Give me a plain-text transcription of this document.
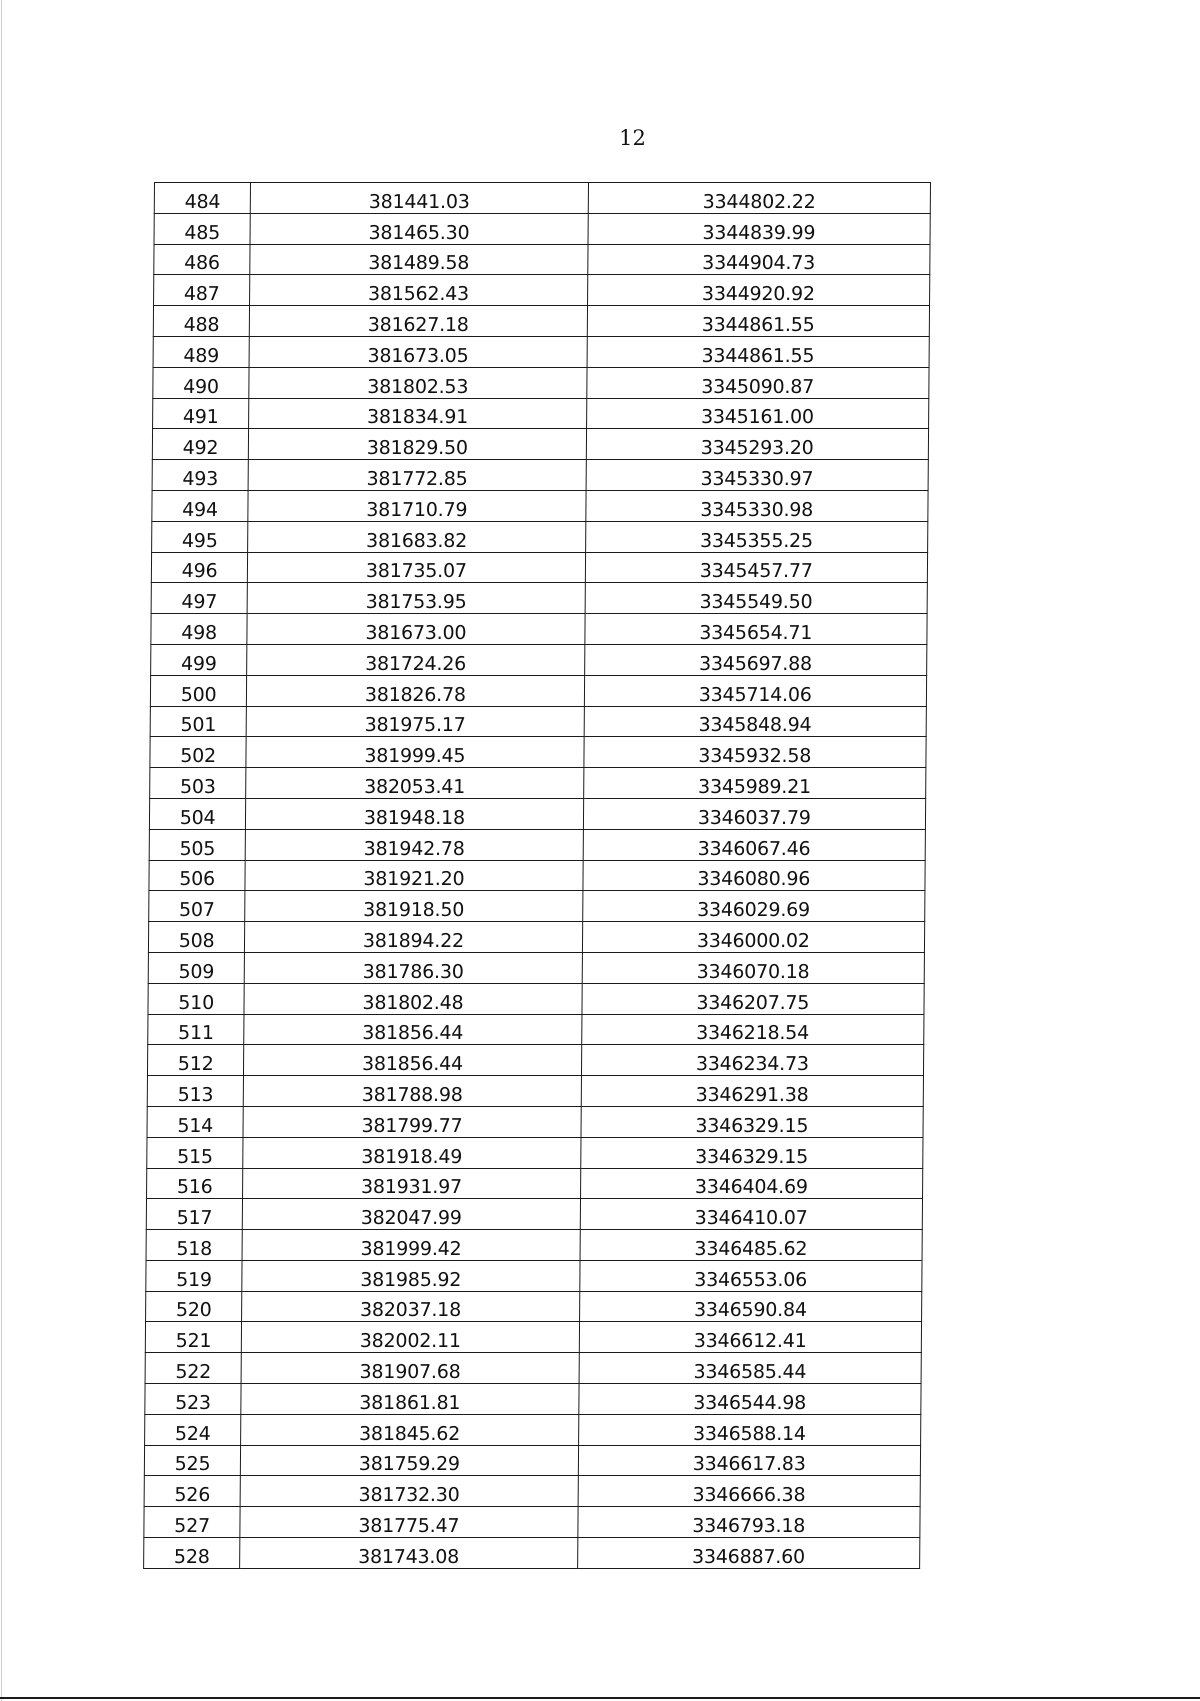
12
484	381441.03	3344802.22
485	381465.30	3344839.99
486	381489.58	3344904.73
487	381562.43	3344920.92
488	381627.18	3344861.55
489	381673.05	3344861.55
490	381802.53	3345090.87
491	381834.91	3345161.00
492	381829.50	3345293.20
493	381772.85	3345330.97
494	381710.79	3345330.98
495	381683.82	3345355.25
496	381735.07	3345457.77
497	381753.95	3345549.50
498	381673.00	3345654.71
499	381724.26	3345697.88
500	381826.78	3345714.06
501	381975.17	3345848.94
502	381999.45	3345932.58
503	382053.41	3345989.21
504	381948.18	3346037.79
505	381942.78	3346067.46
506	381921.20	3346080.96
507	381918.50	3346029.69
508	381894.22	3346000.02
509	381786.30	3346070.18
510	381802.48	3346207.75
511	381856.44	3346218.54
512	381856.44	3346234.73
513	381788.98	3346291.38
514	381799.77	3346329.15
515	381918.49	3346329.15
516	381931.97	3346404.69
517	382047.99	3346410.07
518	381999.42	3346485.62
519	381985.92	3346553.06
520	382037.18	3346590.84
521	382002.11	3346612.41
522	381907.68	3346585.44
523	381861.81	3346544.98
524	381845.62	3346588.14
525	381759.29	3346617.83
526	381732.30	3346666.38
527	381775.47	3346793.18
528	381743.08	3346887.60
